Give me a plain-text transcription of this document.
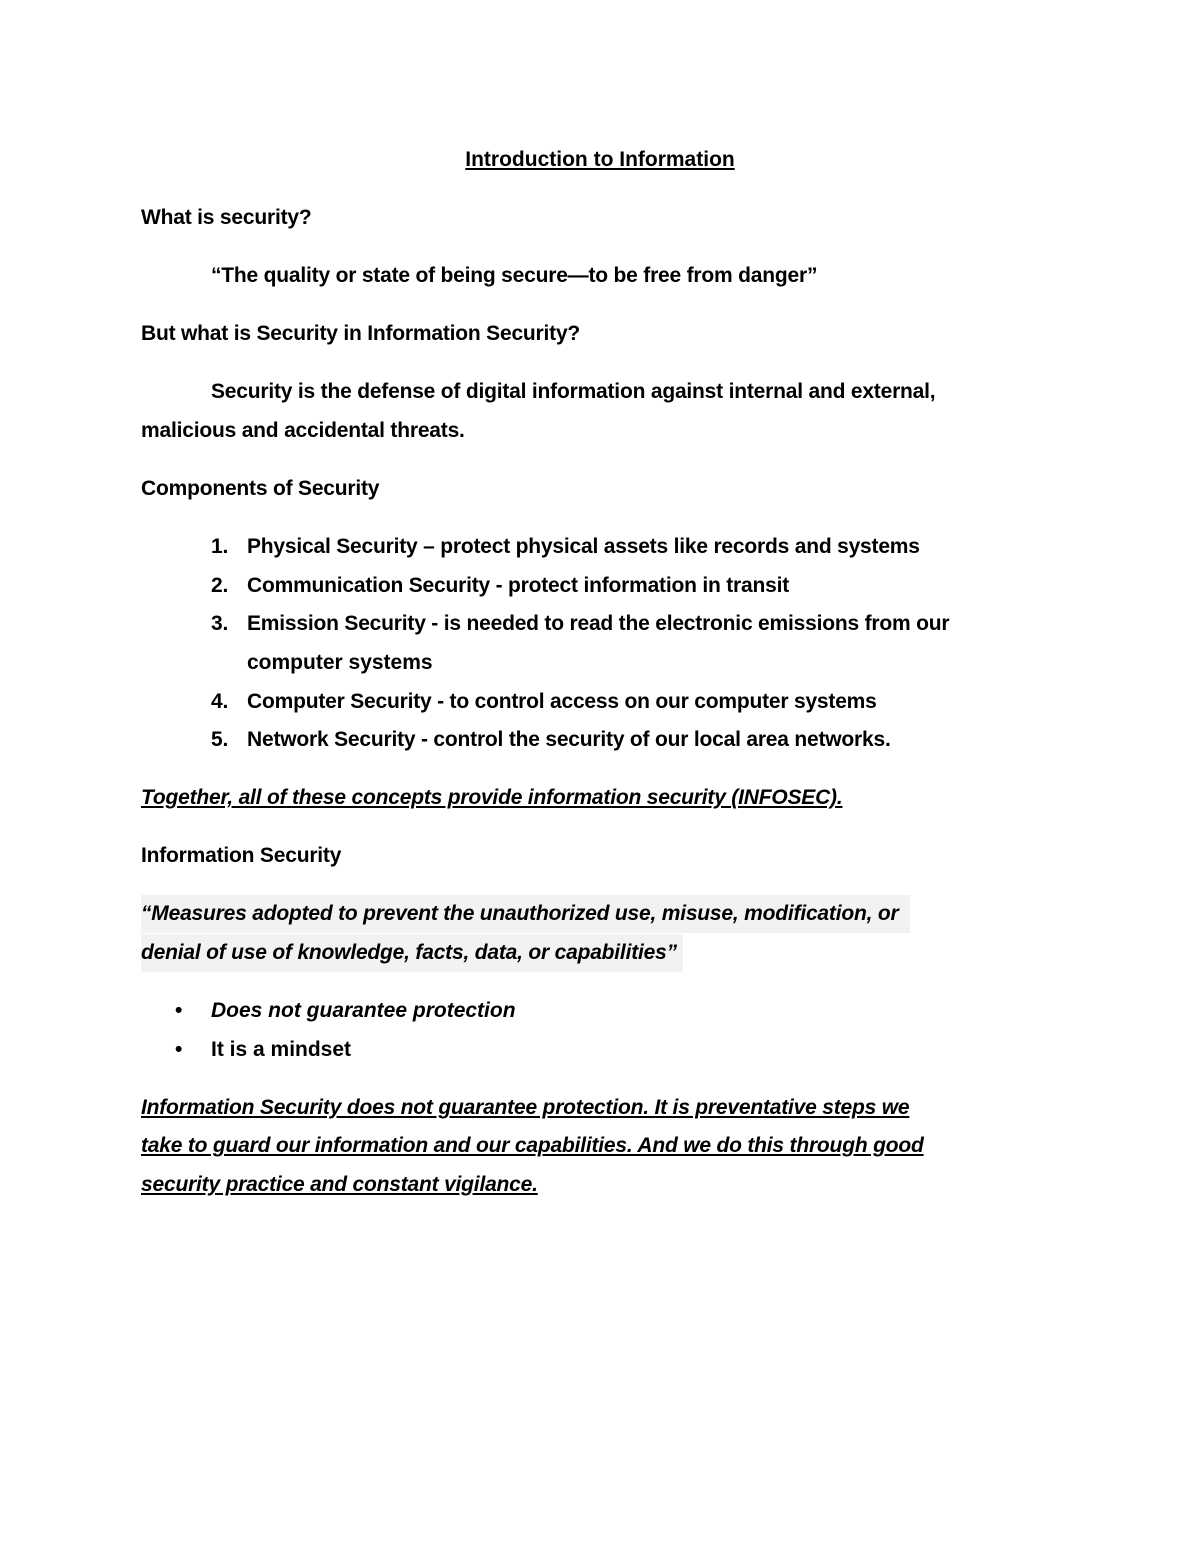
Introduction to Information
What is security?
“The quality or state of being secure—to be free from danger”
But what is Security in Information Security?
Security is the defense of digital information against internal and external,
malicious and accidental threats.
Components of Security
1. Physical Security – protect physical assets like records and systems
2. Communication Security - protect information in transit
3. Emission Security - is needed to read the electronic emissions from our
computer systems
4. Computer Security - to control access on our computer systems
5. Network Security - control the security of our local area networks.
Together, all of these concepts provide information security (INFOSEC).
Information Security
“Measures adopted to prevent the unauthorized use, misuse, modification, or
denial of use of knowledge, facts, data, or capabilities”
• Does not guarantee protection
• It is a mindset
Information Security does not guarantee protection. It is preventative steps we
take to guard our information and our capabilities. And we do this through good
security practice and constant vigilance.
